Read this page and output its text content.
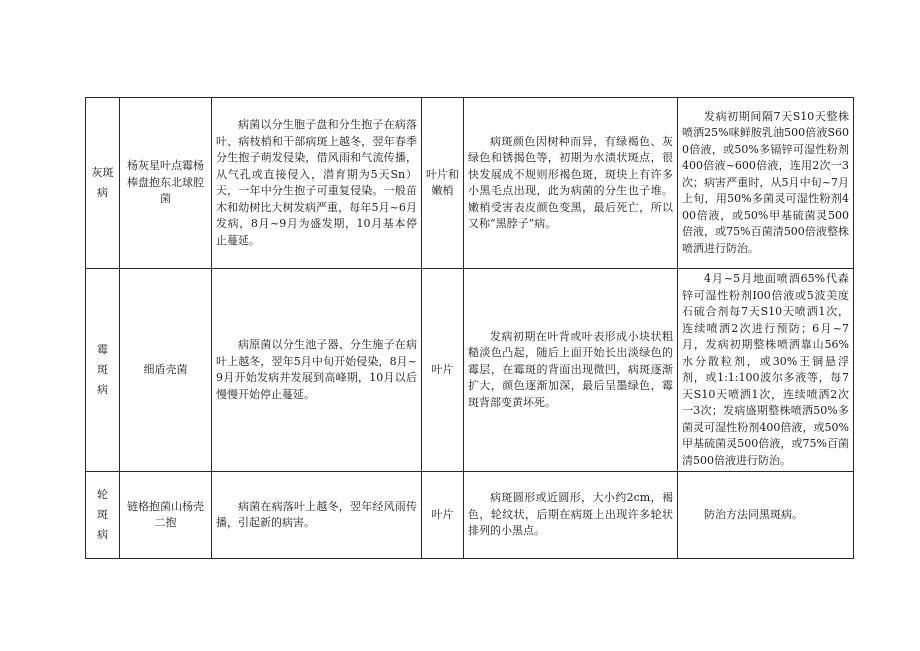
灰斑
病	杨灰星叶点霉杨棒盘抱东北球腔菌	病菌以分生胞子盘和分生抱子在病落叶、病枝梢和干部病斑上越冬，翌年春季分生抱子萌发侵染，借风雨和气流传播，从气孔或直接侵入，潜育期为5天Sn）天，一年中分生抱子可重复侵染。一般苗木和幼树比大树发病严重，每年5月~6月发病，8月~9月为盛发期，10月基本停止蔓延。	叶片和嫩梢	病斑颜色因树种而异，有绿褐色、灰绿色和锈揭色等，初期为水渍状斑点，很快发展成不规则形褐色斑，斑块上有许多小黑毛点出现，此为病菌的分生也子堆。嫩梢受害表皮颜色变黑，最后死亡，所以又称“黑脖子”病。	发病初期间隔7天S10天整株喷洒25%咪鲜胺乳油500倍液S600倍液，或50%多镉锌可湿性粉剂400倍液~600倍液，连用2次一3次；病害严重时，从5月中旬~7月上旬，用50%多菌灵可湿性粉剂400倍液，或50%甲基硫菌灵500倍液，或75%百菌清500倍液整株喷洒进行防治。

霉
斑
病	细盾壳菌	病原菌以分生池子器、分生施子在病叶上越冬，翌年5月中旬开始侵染，8月~9月开始发病并发展到高峰期，10月以后慢慢开始停止蔓延。	叶片	发病初期在叶背或叶表形成小块状粗糙淡色凸起，随后上面开始长出淡绿色的霉层，在霉斑的背面出现微凹，病斑逐渐扩大，颜色逐渐加深，最后呈墨绿色，霉斑背部变黄坏死。	4月~5月地面喷酒65%代森锌可湿性粉剂I00倍液或5波美度石硫合剂每7天S10天喷洒1次，连续喷洒2次进行预防；6月~7月，发病初期整株喷洒靠山56%水分散粒剂，或30%王铜悬浮剂，或1:1:100波尔多液等，每7天S10天喷洒1次，连续喷洒2次一3次；发病盛期整株喷洒50%多菌灵可湿性粉剂400倍液，或50%甲基硫菌灵500倍液，或75%百菌清500倍液进行防治。

轮
斑
病	链格抱菌山杨壳二抱	病菌在病落叶上越冬，翌年经风雨传播，引起新的病害。	叶片	病斑圆形或近圆形，大小约2cm，褐色，轮纹状，后期在病斑上出现许多轮状排列的小黑点。	防治方法同黑斑病。
